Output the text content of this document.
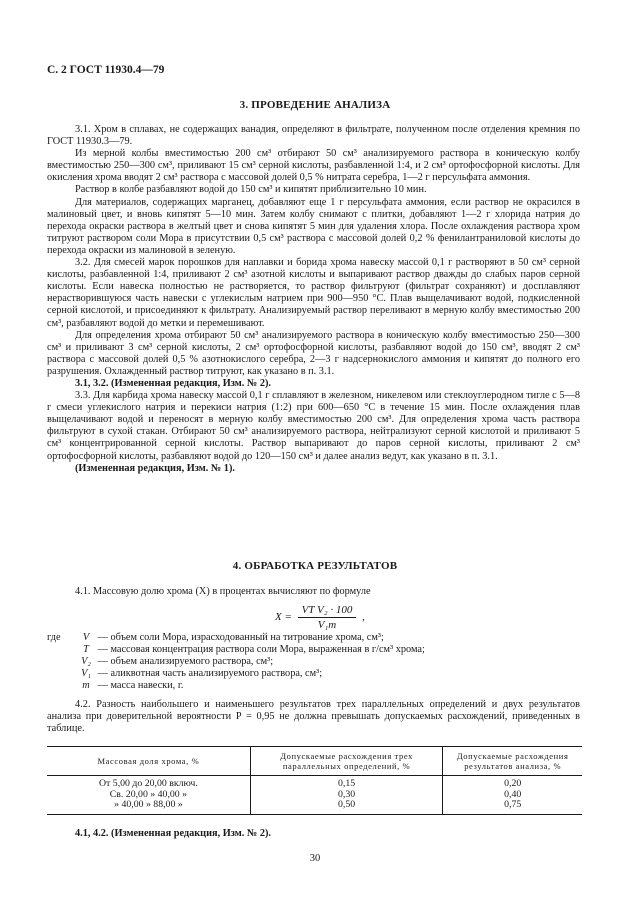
С. 2 ГОСТ 11930.4—79
3. ПРОВЕДЕНИЕ АНАЛИЗА

3.1. Хром в сплавах, не содержащих ванадия, определяют в фильтрате, полученном после отделения кремния по ГОСТ 11930.3—79.

Из мерной колбы вместимостью 200 см³ отбирают 50 см³ анализируемого раствора в коническую колбу вместимостью 250—300 см³, приливают 15 см³ серной кислоты, разбавленной 1:4, и 2 см³ ортофосфорной кислоты. Для окисления хрома вводят 2 см³ раствора с массовой долей 0,5 % нитрата серебра, 1—2 г персульфата аммония.

Раствор в колбе разбавляют водой до 150 см³ и кипятят приблизительно 10 мин.

Для материалов, содержащих марганец, добавляют еще 1 г персульфата аммония, если раствор не окрасился в малиновый цвет, и вновь кипятят 5—10 мин. Затем колбу снимают с плитки, добавляют 1—2 г хлорида натрия до перехода окраски раствора в желтый цвет и снова кипятят 5 мин для удаления хлора. После охлаждения раствора хром титруют раствором соли Мора в присутствии 0,5 см³ раствора с массовой долей 0,2 % фенилантраниловой кислоты до перехода окраски из малиновой в зеленую.

3.2. Для смесей марок порошков для наплавки и борида хрома навеску массой 0,1 г растворяют в 50 см³ серной кислоты, разбавленной 1:4, приливают 2 см³ азотной кислоты и выпаривают раствор дважды до слабых паров серной кислоты. Если навеска полностью не растворяется, то раствор фильтруют (фильтрат сохраняют) и досплавляют нерастворившуюся часть навески с углекислым натрием при 900—950 °С. Плав выщелачивают водой, подкисленной серной кислотой, и присоединяют к фильтрату. Анализируемый раствор переливают в мерную колбу вместимостью 200 см³, разбавляют водой до метки и перемешивают.

Для определения хрома отбирают 50 см³ анализируемого раствора в коническую колбу вместимостью 250—300 см³ и приливают 3 см³ серной кислоты, 2 см³ ортофосфорной кислоты, разбавляют водой до 150 см³, вводят 2 см³ раствора с массовой долей 0,5 % азотнокислого серебра, 2—3 г надсернокислого аммония и кипятят до полного его разрушения. Охлажденный раствор титруют, как указано в п. 3.1.

3.1, 3.2. (Измененная редакция, Изм. № 2).

3.3. Для карбида хрома навеску массой 0,1 г сплавляют в железном, никелевом или стеклоуглеродном тигле с 5—8 г смеси углекислого натрия и перекиси натрия (1:2) при 600—650 °С в течение 15 мин. После охлаждения плав выщелачивают водой и переносят в мерную колбу вместимостью 200 см³. Для определения хрома часть раствора фильтруют в сухой стакан. Отбирают 50 см³ анализируемого раствора, нейтрализуют серной кислотой и приливают 5 см³ концентрированной серной кислоты. Раствор выпаривают до паров серной кислоты, приливают 2 см³ ортофосфорной кислоты, разбавляют водой до 120—150 см³ и далее анализ ведут, как указано в п. 3.1.

(Измененная редакция, Изм. № 1).

4. ОБРАБОТКА РЕЗУЛЬТАТОВ

4.1. Массовую долю хрома (X) в процентах вычисляют по формуле

$X = \frac{\text{VT V₂ · 100}}{\text{V₁m}}$ ,
где V — объем соли Мора, израсходованный на титрование хрома, см³;
T — массовая концентрация раствора соли Мора, выраженная в г/см³ хрома;
V₂ — объем анализируемого раствора, см³;
V₁ — аликвотная часть анализируемого раствора, см³;
m — масса навески, г.

4.2. Разность наибольшего и наименьшего результатов трех параллельных определений и двух результатов анализа при доверительной вероятности P = 0,95 не должна превышать допускаемых расхождений, приведенных в таблице.

Массовая доля хрома, %	Допускаемые расхождения трех параллельных определений, %	Допускаемые расхождения результатов анализа, %
От 5,00 до 20,00 включ.	0,15	0,20
Св. 20,00 » 40,00 »	0,30	0,40
» 40,00 » 88,00 »	0,50	0,75
4.1, 4.2. (Измененная редакция, Изм. № 2).
30
